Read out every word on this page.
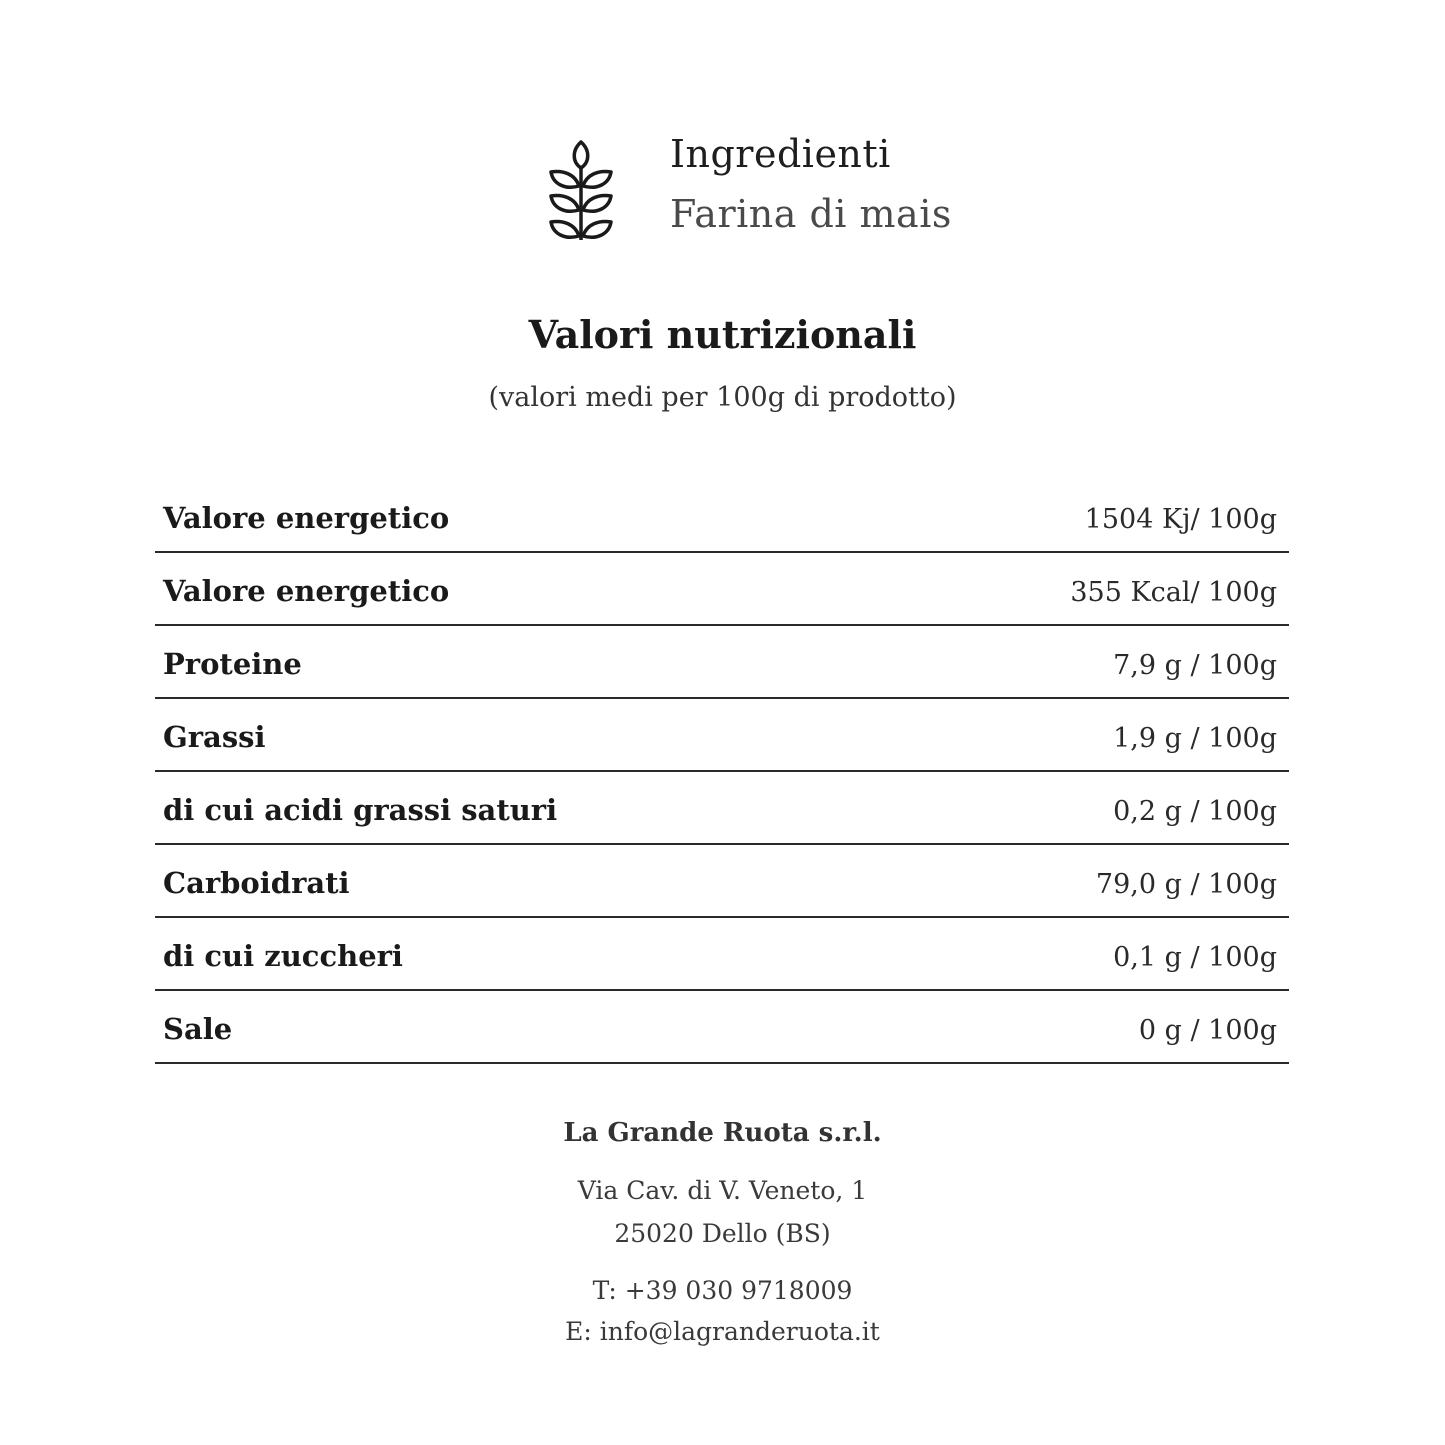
Ingredienti
Farina di mais
Valori nutrizionali
(valori medi per 100g di prodotto)
Valore energetico	1504 Kj/ 100g
Valore energetico	355 Kcal/ 100g
Proteine	7,9 g / 100g
Grassi	1,9 g / 100g
di cui acidi grassi saturi	0,2 g / 100g
Carboidrati	79,0 g / 100g
di cui zuccheri	0,1 g / 100g
Sale	0 g / 100g
La Grande Ruota s.r.l.
Via Cav. di V. Veneto, 1
25020 Dello (BS)
T: +39 030 9718009
E: info@lagranderuota.it
